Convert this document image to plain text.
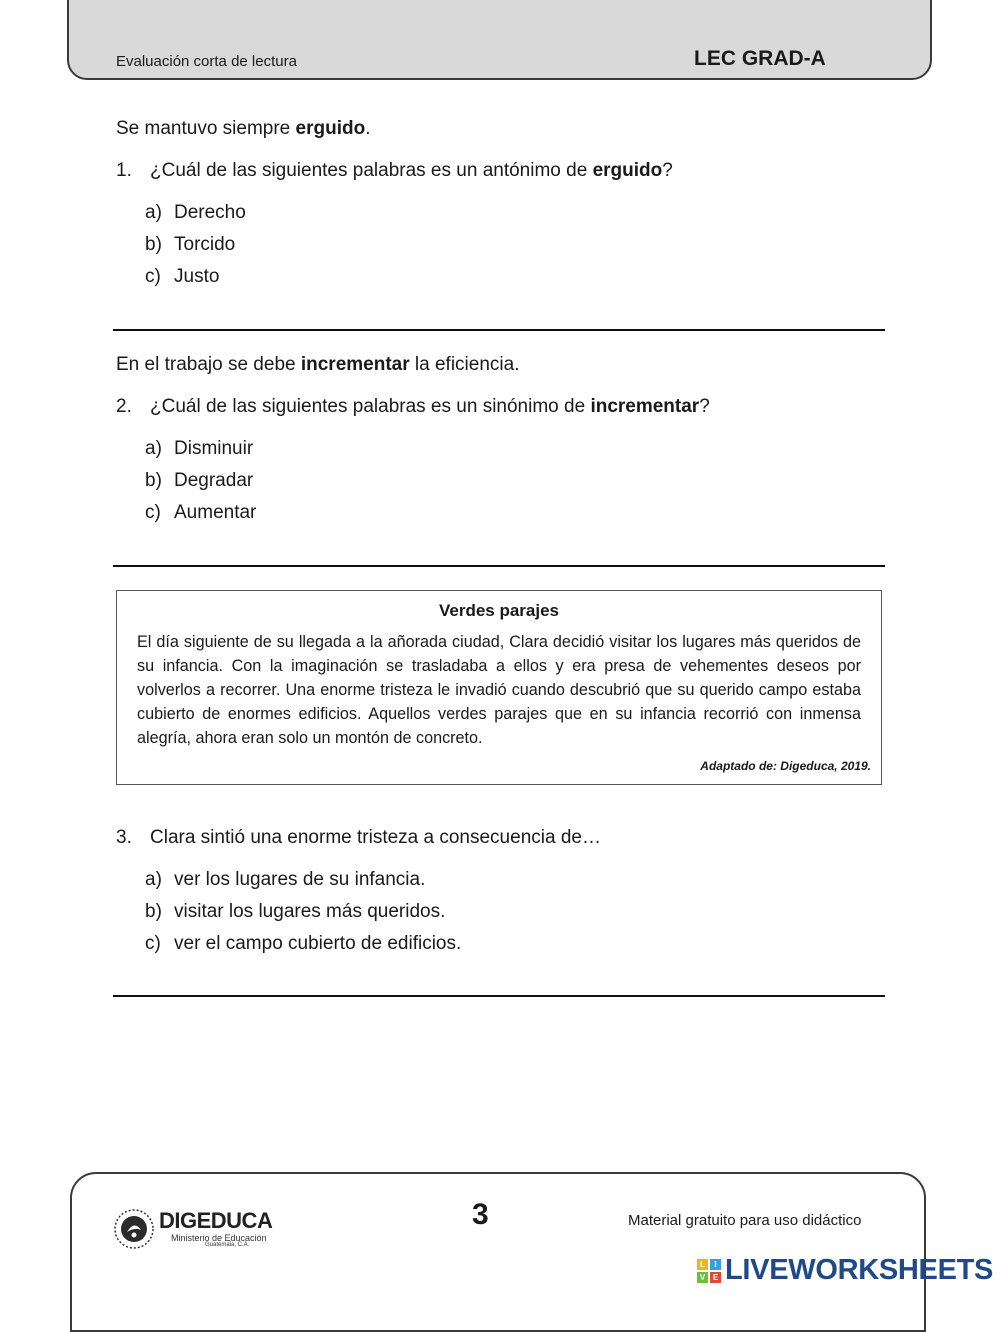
Evaluación corta de lectura	LEC GRAD-A
Se mantuvo siempre erguido.
1. ¿Cuál de las siguientes palabras es un antónimo de erguido?
a) Derecho
b) Torcido
c) Justo
En el trabajo se debe incrementar la eficiencia.
2. ¿Cuál de las siguientes palabras es un sinónimo de incrementar?
a) Disminuir
b) Degradar
c) Aumentar
Verdes parajes
El día siguiente de su llegada a la añorada ciudad, Clara decidió visitar los lugares más queridos de su infancia. Con la imaginación se trasladaba a ellos y era presa de vehementes deseos por volverlos a recorrer. Una enorme tristeza le invadió cuando descubrió que su querido campo estaba cubierto de enormes edificios. Aquellos verdes parajes que en su infancia recorrió con inmensa alegría, ahora eran solo un montón de concreto.
Adaptado de: Digeduca, 2019.
3. Clara sintió una enorme tristeza a consecuencia de…
a) ver los lugares de su infancia.
b) visitar los lugares más queridos.
c) ver el campo cubierto de edificios.
DIGEDUCA
Ministerio de Educación
Guatemala, C.A.
3	Material gratuito para uso didáctico
L	I
V E LIVEWORKSHEETS
